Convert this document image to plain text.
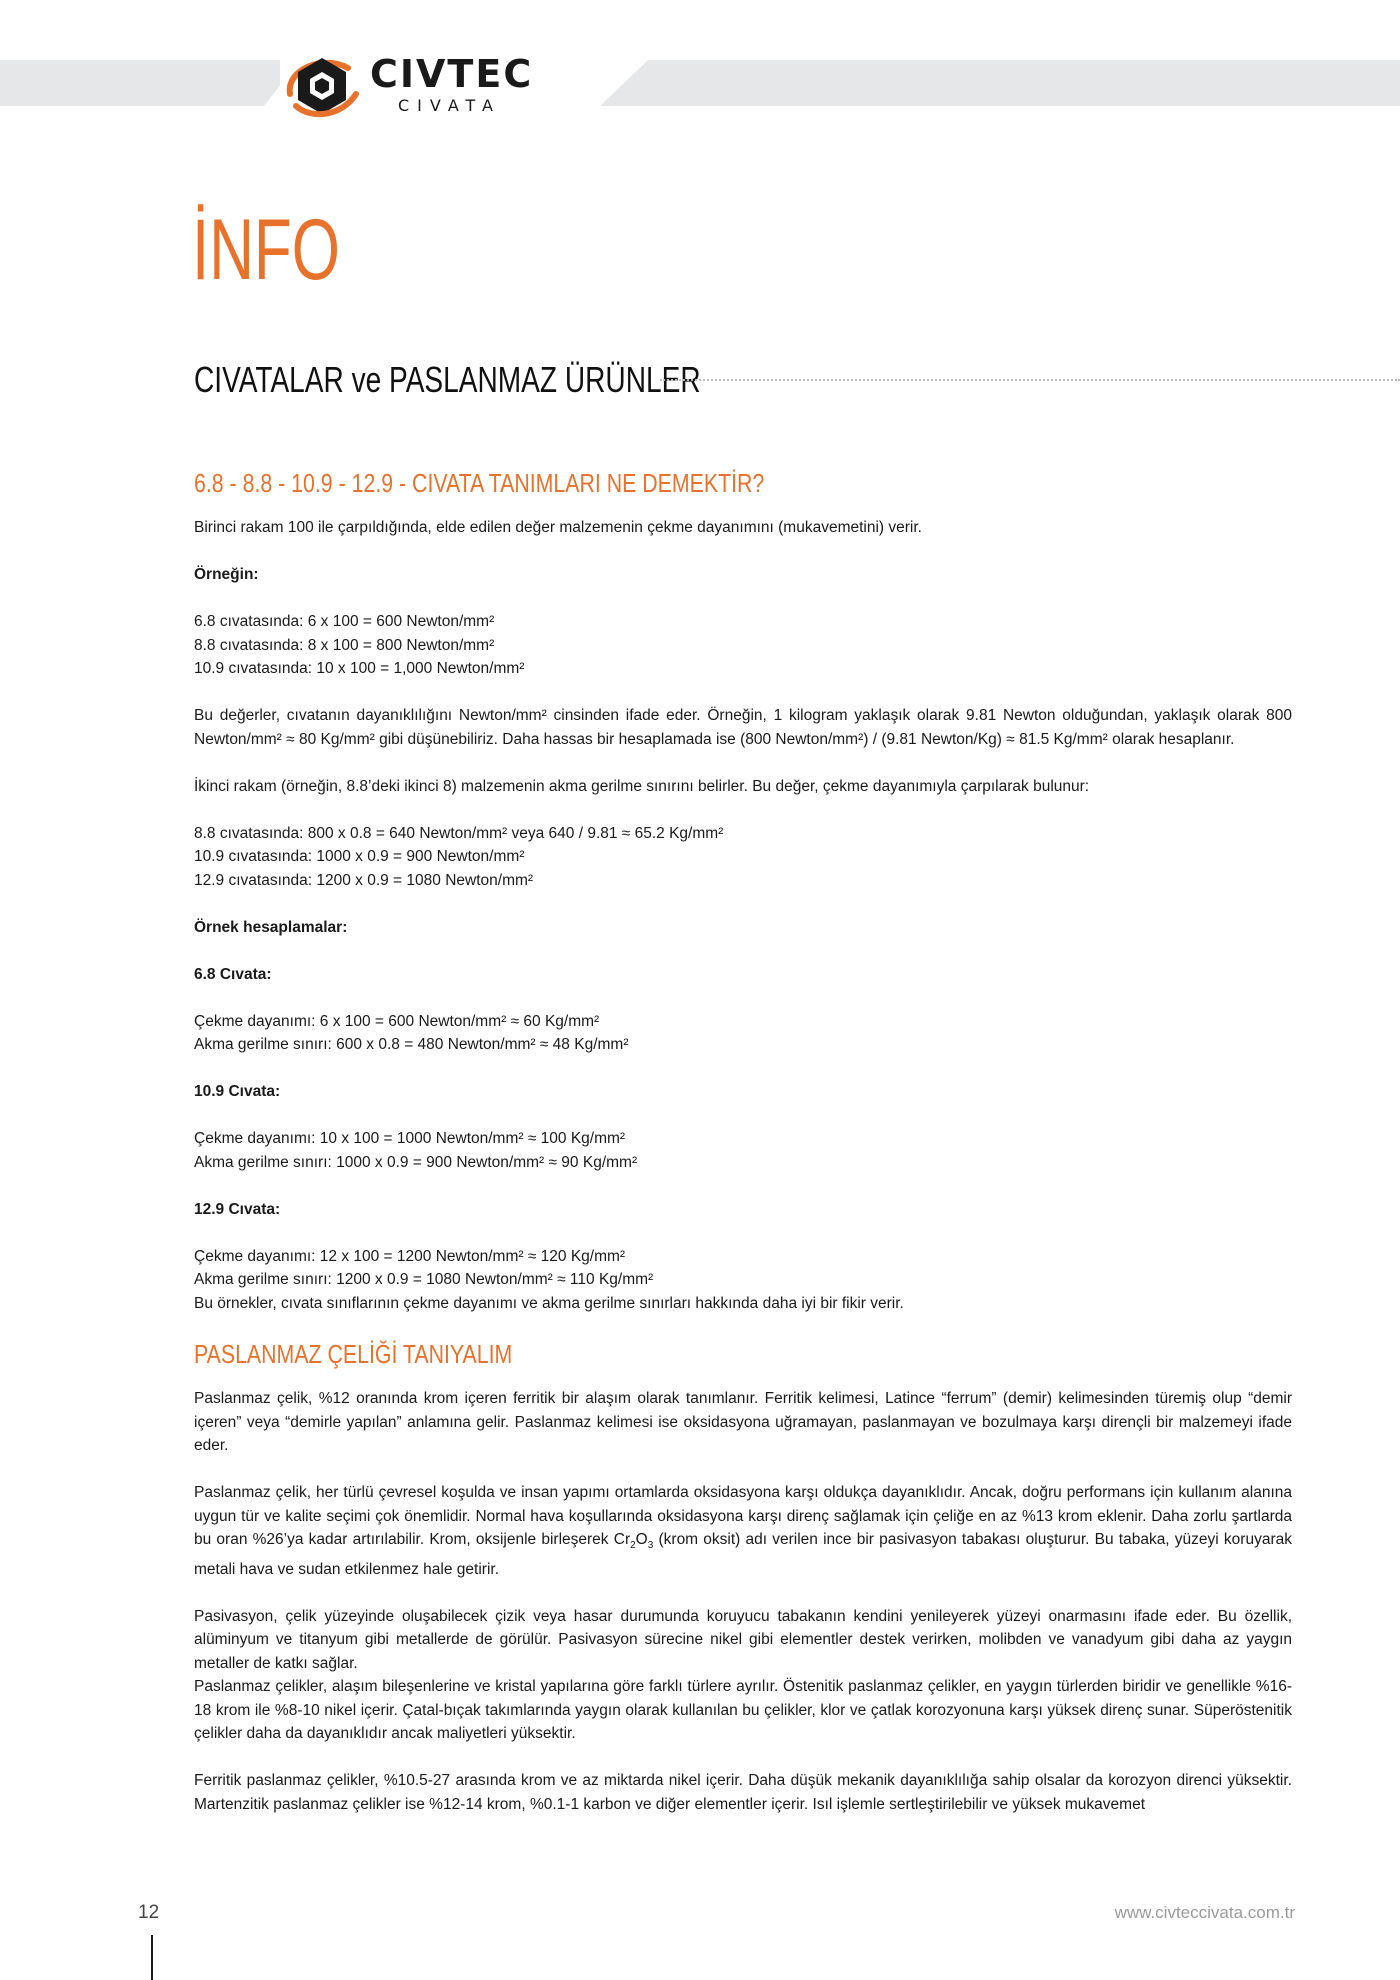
CIVTEC
CIVATA
İNFO
CIVATALAR ve PASLANMAZ ÜRÜNLER

6.8 - 8.8 - 10.9 - 12.9 - CIVATA TANIMLARI NE DEMEKTİR?

Birinci rakam 100 ile çarpıldığında, elde edilen değer malzemenin çekme dayanımını (mukavemetini) verir.

Örneğin:

6.8 cıvatasında: 6 x 100 = 600 Newton/mm²

8.8 cıvatasında: 8 x 100 = 800 Newton/mm²

10.9 cıvatasında: 10 x 100 = 1,000 Newton/mm²

Bu değerler, cıvatanın dayanıklılığını Newton/mm² cinsinden ifade eder. Örneğin, 1 kilogram yaklaşık olarak 9.81 Newton olduğundan, yaklaşık olarak 800 Newton/mm² ≈ 80 Kg/mm² gibi düşünebiliriz. Daha hassas bir hesaplamada ise (800 Newton/mm²) / (9.81 Newton/Kg) ≈ 81.5 Kg/mm² olarak hesaplanır.

İkinci rakam (örneğin, 8.8’deki ikinci 8) malzemenin akma gerilme sınırını belirler. Bu değer, çekme dayanımıyla çarpılarak bulunur:

8.8 cıvatasında: 800 x 0.8 = 640 Newton/mm² veya 640 / 9.81 ≈ 65.2 Kg/mm²

10.9 cıvatasında: 1000 x 0.9 = 900 Newton/mm²

12.9 cıvatasında: 1200 x 0.9 = 1080 Newton/mm²

Örnek hesaplamalar:

6.8 Cıvata:

Çekme dayanımı: 6 x 100 = 600 Newton/mm² ≈ 60 Kg/mm²

Akma gerilme sınırı: 600 x 0.8 = 480 Newton/mm² ≈ 48 Kg/mm²

10.9 Cıvata:

Çekme dayanımı: 10 x 100 = 1000 Newton/mm² ≈ 100 Kg/mm²

Akma gerilme sınırı: 1000 x 0.9 = 900 Newton/mm² ≈ 90 Kg/mm²

12.9 Cıvata:

Çekme dayanımı: 12 x 100 = 1200 Newton/mm² ≈ 120 Kg/mm²

Akma gerilme sınırı: 1200 x 0.9 = 1080 Newton/mm² ≈ 110 Kg/mm²

Bu örnekler, cıvata sınıflarının çekme dayanımı ve akma gerilme sınırları hakkında daha iyi bir fikir verir.

PASLANMAZ ÇELİĞİ TANIYALIM

Paslanmaz çelik, %12 oranında krom içeren ferritik bir alaşım olarak tanımlanır. Ferritik kelimesi, Latince “ferrum” (demir) kelimesinden türemiş olup “demir içeren” veya “demirle yapılan” anlamına gelir. Paslanmaz kelimesi ise oksidasyona uğramayan, paslanmayan ve bozulmaya karşı dirençli bir malzemeyi ifade eder.

Paslanmaz çelik, her türlü çevresel koşulda ve insan yapımı ortamlarda oksidasyona karşı oldukça dayanıklıdır. Ancak, doğru performans için kullanım alanına uygun tür ve kalite seçimi çok önemlidir. Normal hava koşullarında oksidasyona karşı direnç sağlamak için çeliğe en az %13 krom eklenir. Daha zorlu şartlarda bu oran %26’ya kadar artırılabilir. Krom, oksijenle birleşerek $Cr_2O_3$ (krom oksit) adı verilen ince bir pasivasyon tabakası oluşturur. Bu tabaka, yüzeyi koruyarak metali hava ve sudan etkilenmez hale getirir.

Pasivasyon, çelik yüzeyinde oluşabilecek çizik veya hasar durumunda koruyucu tabakanın kendini yenileyerek yüzeyi onarmasını ifade eder. Bu özellik, alüminyum ve titanyum gibi metallerde de görülür. Pasivasyon sürecine nikel gibi elementler destek verirken, molibden ve vanadyum gibi daha az yaygın metaller de katkı sağlar.

Paslanmaz çelikler, alaşım bileşenlerine ve kristal yapılarına göre farklı türlere ayrılır. Östenitik paslanmaz çelikler, en yaygın türlerden biridir ve genellikle %16-18 krom ile %8-10 nikel içerir. Çatal-bıçak takımlarında yaygın olarak kullanılan bu çelikler, klor ve çatlak korozyonuna karşı yüksek direnç sunar. Süperöstenitik çelikler daha da dayanıklıdır ancak maliyetleri yüksektir.

Ferritik paslanmaz çelikler, %10.5-27 arasında krom ve az miktarda nikel içerir. Daha düşük mekanik dayanıklılığa sahip olsalar da korozyon direnci yüksektir. Martenzitik paslanmaz çelikler ise %12-14 krom, %0.1-1 karbon ve diğer elementler içerir. Isıl işlemle sertleştirilebilir ve yüksek mukavemet

12	www.civteccivata.com.tr
